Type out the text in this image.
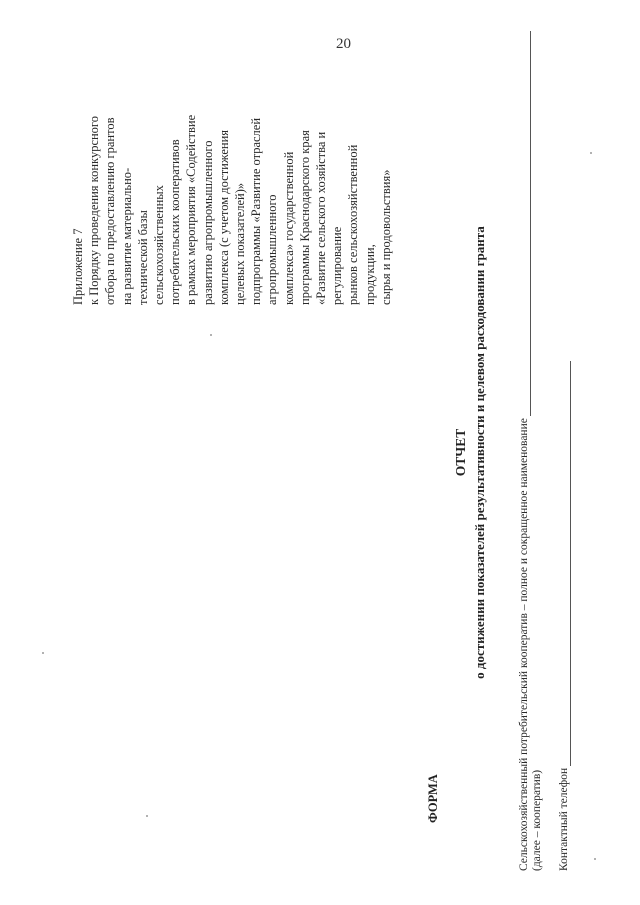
20
Приложение 7 к Порядку проведения конкурсного отбора по предоставлению грантов на развитие материально- технической базы сельскохозяйственных потребительских кооперативов в рамках мероприятия «Содействие развитию агропромышленного комплекса (с учетом достижения целевых показателей)» подпрограммы «Развитие отраслей агропромышленного комплекса» государственной программы Краснодарского края «Развитие сельского хозяйства и регулирование рынков сельскохозяйственной продукции, сырья и продовольствия»
ФОРМА
ОТЧЕТ о достижении показателей результативности и целевом расходовании гранта	Сельскохозяйственный потребительский кооператив – полное и сокращенное наименование (далее – кооператив) Контактный телефон
